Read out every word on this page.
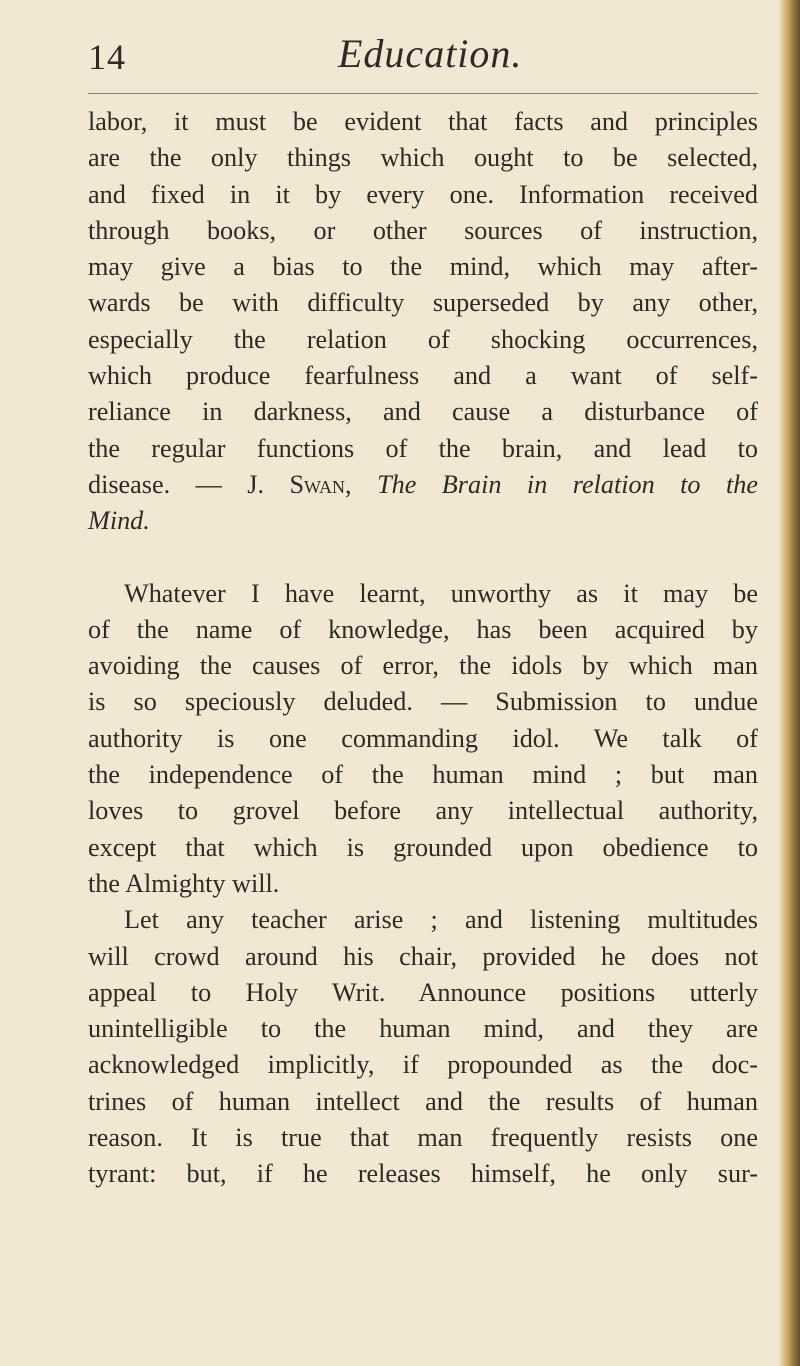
14	Education.
labor, it must be evident that facts and principles
are the only things which ought to be selected,
and fixed in it by every one. Information received
through books, or other sources of instruction,
may give a bias to the mind, which may after-
wards be with difficulty superseded by any other,
especially the relation of shocking occurrences,
which produce fearfulness and a want of self-
reliance in darkness, and cause a disturbance of
the regular functions of the brain, and lead to
disease. — J. Swan, The Brain in relation to the
Mind.
Whatever I have learnt, unworthy as it may be
of the name of knowledge, has been acquired by
avoiding the causes of error, the idols by which man
is so speciously deluded. — Submission to undue
authority is one commanding idol. We talk of
the independence of the human mind ; but man
loves to grovel before any intellectual authority,
except that which is grounded upon obedience to
the Almighty will.
Let any teacher arise ; and listening multitudes
will crowd around his chair, provided he does not
appeal to Holy Writ. Announce positions utterly
unintelligible to the human mind, and they are
acknowledged implicitly, if propounded as the doc-
trines of human intellect and the results of human
reason. It is true that man frequently resists one
tyrant: but, if he releases himself, he only sur-
